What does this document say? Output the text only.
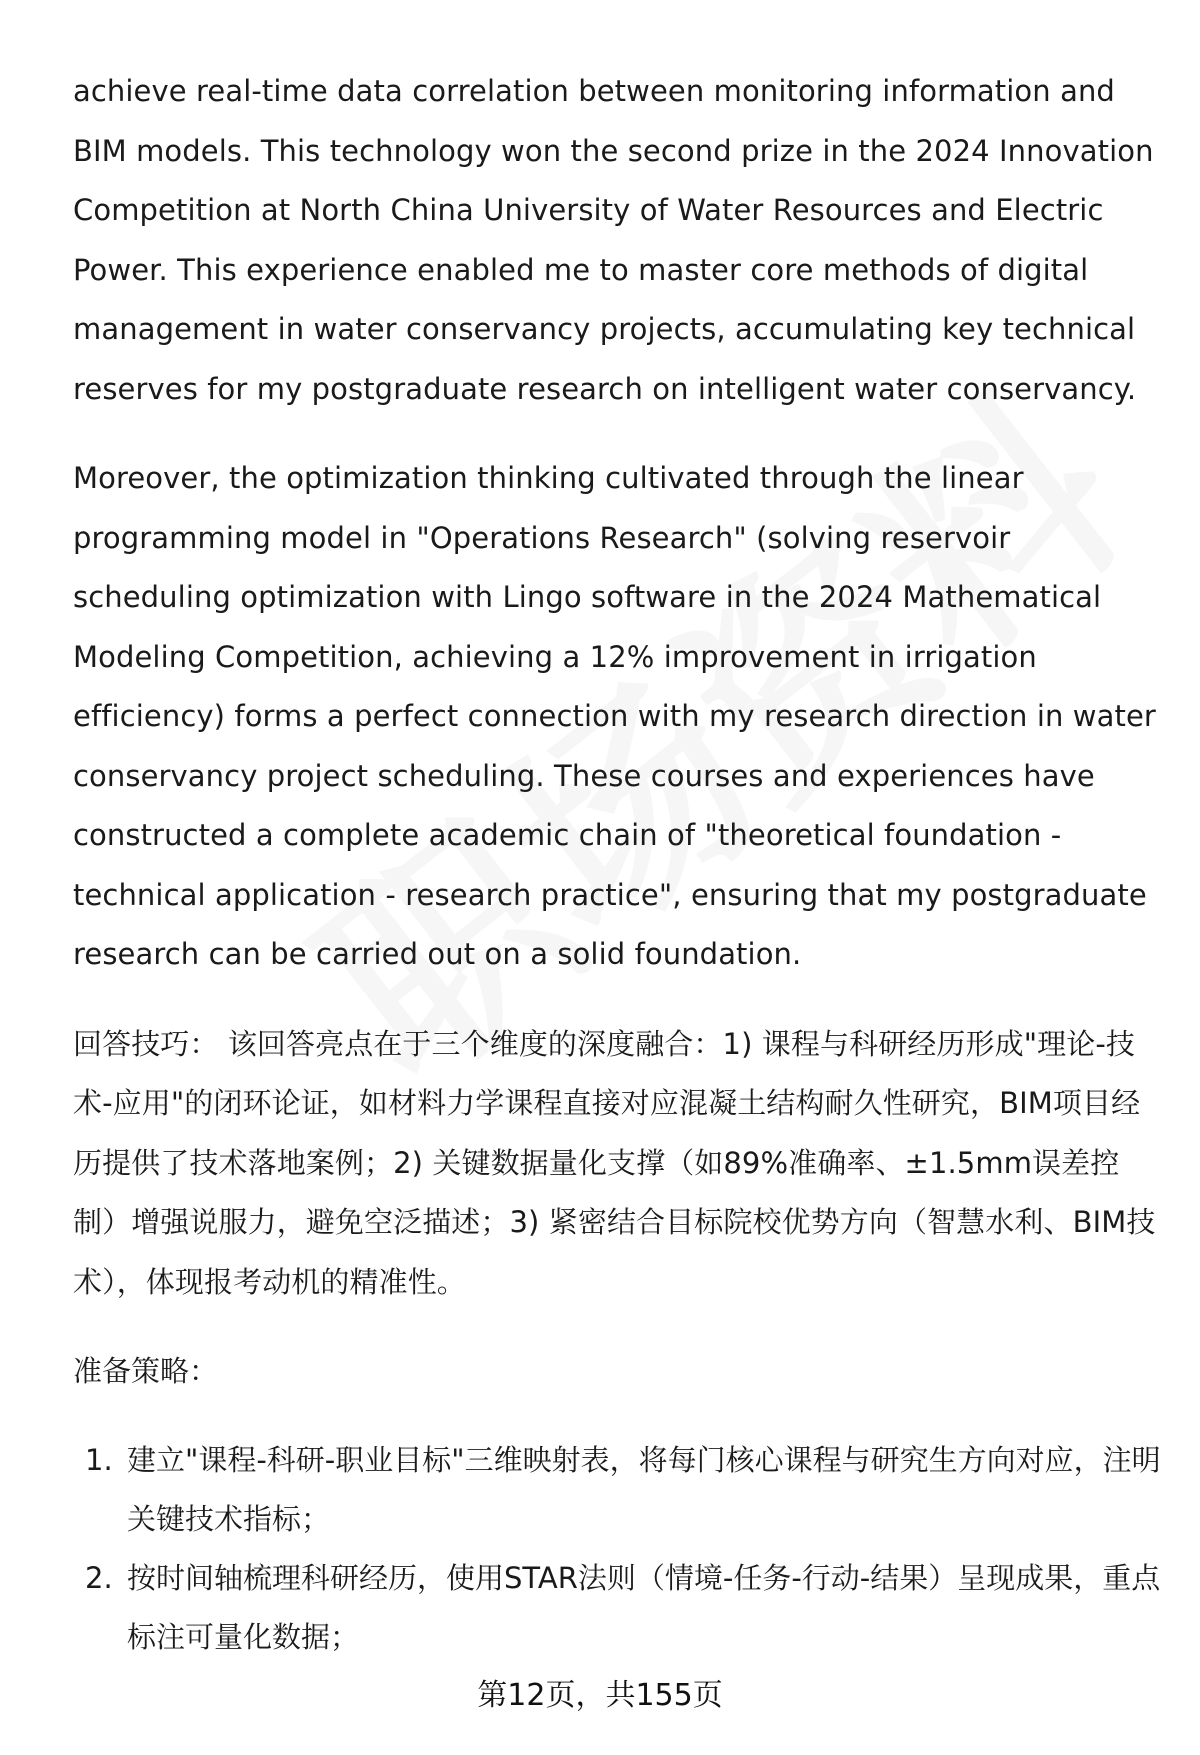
achieve real-time data correlation between monitoring information and BIM models. This technology won the second prize in the 2024 Innovation Competition at North China University of Water Resources and Electric Power. This experience enabled me to master core methods of digital management in water conservancy projects, accumulating key technical reserves for my postgraduate research on intelligent water conservancy.

Moreover, the optimization thinking cultivated through the linear programming model in "Operations Research" (solving reservoir scheduling optimization with Lingo software in the 2024 Mathematical Modeling Competition, achieving a 12% improvement in irrigation efficiency) forms a perfect connection with my research direction in water conservancy project scheduling. These courses and experiences have constructed a complete academic chain of "theoretical foundation - technical application - research practice", ensuring that my postgraduate research can be carried out on a solid foundation.

回答技巧： 该回答亮点在于三个维度的深度融合：1) 课程与科研经历形成"理论-技术-应用"的闭环论证，如材料力学课程直接对应混凝土结构耐久性研究，BIM项目经历提供了技术落地案例；2) 关键数据量化支撑（如89%准确率、±1.5mm误差控制）增强说服力，避免空泛描述；3) 紧密结合目标院校优势方向（智慧水利、BIM技术），体现报考动机的精准性。

准备策略：
1. 建立"课程-科研-职业目标"三维映射表，将每门核心课程与研究生方向对应，注明关键技术指标；
2. 按时间轴梳理科研经历，使用STAR法则（情境-任务-行动-结果）呈现成果，重点标注可量化数据；
第12页，共155页
